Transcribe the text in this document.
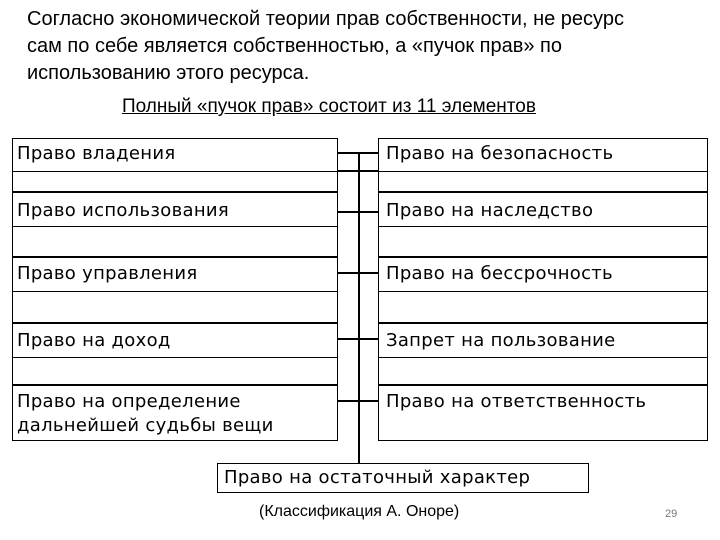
Согласно экономической теории прав собственности, не ресурс
сам по себе является собственностью, а «пучок прав» по
использованию этого ресурса.
Полный «пучок прав» состоит из 11 элементов
Право владения
Право использования
Право управления
Право на доход
Право на определение дальнейшей судьбы вещи
Право на безопасность
Право на наследство
Право на бессрочность
Запрет на пользование
Право на ответственность
Право на остаточный характер
(Классификация А. Оноре)	29
